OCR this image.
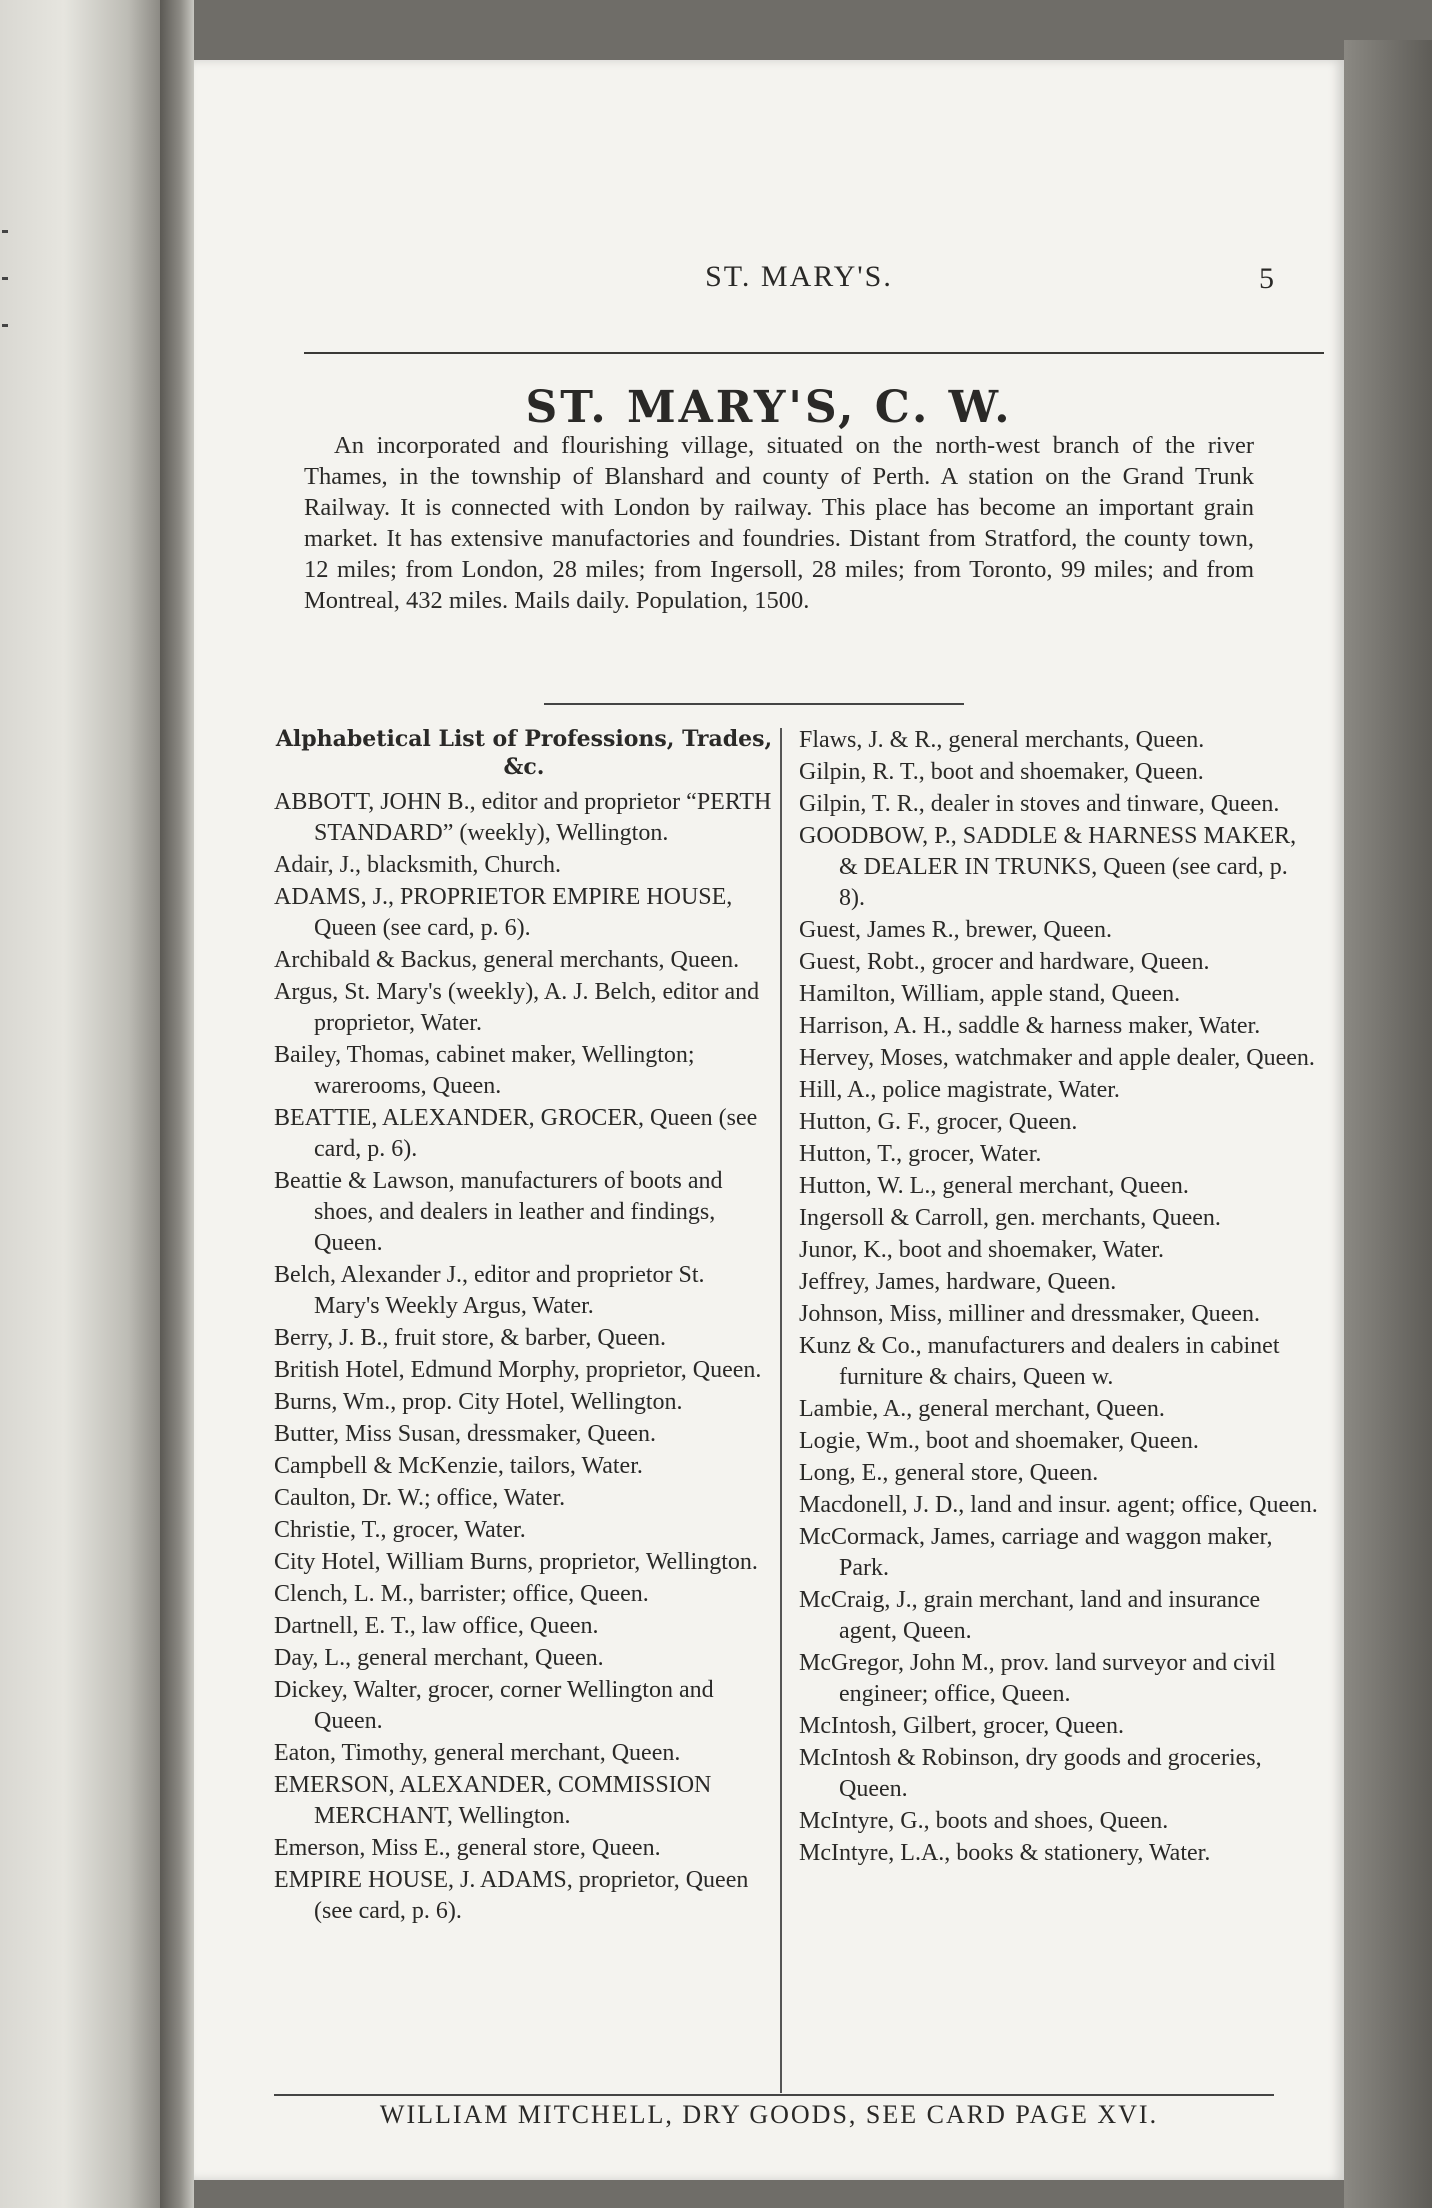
ST. MARY'S.	5
ST. MARY'S, C. W.
An incorporated and flourishing village, situated on the north-west branch of the river Thames, in the township of Blanshard and county of Perth. A station on the Grand Trunk Railway. It is connected with London by railway. This place has become an important grain market. It has extensive manufactories and foundries. Distant from Stratford, the county town, 12 miles; from London, 28 miles; from Ingersoll, 28 miles; from Toronto, 99 miles; and from Montreal, 432 miles. Mails daily. Population, 1500.
Alphabetical List of Professions, Trades, &c.
ABBOTT, JOHN B., editor and proprietor “PERTH STANDARD” (weekly), Wellington.
Adair, J., blacksmith, Church.
ADAMS, J., PROPRIETOR EMPIRE HOUSE, Queen (see card, p. 6).
Archibald & Backus, general merchants, Queen.
Argus, St. Mary's (weekly), A. J. Belch, editor and proprietor, Water.
Bailey, Thomas, cabinet maker, Wellington; warerooms, Queen.
BEATTIE, ALEXANDER, GROCER, Queen (see card, p. 6).
Beattie & Lawson, manufacturers of boots and shoes, and dealers in leather and findings, Queen.
Belch, Alexander J., editor and proprietor St. Mary's Weekly Argus, Water.
Berry, J. B., fruit store, & barber, Queen.
British Hotel, Edmund Morphy, proprietor, Queen.
Burns, Wm., prop. City Hotel, Wellington.
Butter, Miss Susan, dressmaker, Queen.
Campbell & McKenzie, tailors, Water.
Caulton, Dr. W.; office, Water.
Christie, T., grocer, Water.
City Hotel, William Burns, proprietor, Wellington.
Clench, L. M., barrister; office, Queen.
Dartnell, E. T., law office, Queen.
Day, L., general merchant, Queen.
Dickey, Walter, grocer, corner Wellington and Queen.
Eaton, Timothy, general merchant, Queen.
EMERSON, ALEXANDER, COMMISSION MERCHANT, Wellington.
Emerson, Miss E., general store, Queen.
EMPIRE HOUSE, J. ADAMS, proprietor, Queen (see card, p. 6).
Flaws, J. & R., general merchants, Queen.
Gilpin, R. T., boot and shoemaker, Queen.
Gilpin, T. R., dealer in stoves and tinware, Queen.
GOODBOW, P., SADDLE & HARNESS MAKER, & DEALER IN TRUNKS, Queen (see card, p. 8).
Guest, James R., brewer, Queen.
Guest, Robt., grocer and hardware, Queen.
Hamilton, William, apple stand, Queen.
Harrison, A. H., saddle & harness maker, Water.
Hervey, Moses, watchmaker and apple dealer, Queen.
Hill, A., police magistrate, Water.
Hutton, G. F., grocer, Queen.
Hutton, T., grocer, Water.
Hutton, W. L., general merchant, Queen.
Ingersoll & Carroll, gen. merchants, Queen.
Junor, K., boot and shoemaker, Water.
Jeffrey, James, hardware, Queen.
Johnson, Miss, milliner and dressmaker, Queen.
Kunz & Co., manufacturers and dealers in cabinet furniture & chairs, Queen w.
Lambie, A., general merchant, Queen.
Logie, Wm., boot and shoemaker, Queen.
Long, E., general store, Queen.
Macdonell, J. D., land and insur. agent; office, Queen.
McCormack, James, carriage and waggon maker, Park.
McCraig, J., grain merchant, land and insurance agent, Queen.
McGregor, John M., prov. land surveyor and civil engineer; office, Queen.
McIntosh, Gilbert, grocer, Queen.
McIntosh & Robinson, dry goods and groceries, Queen.
McIntyre, G., boots and shoes, Queen.
McIntyre, L.A., books & stationery, Water.
WILLIAM MITCHELL, DRY GOODS, SEE CARD PAGE XVI.
